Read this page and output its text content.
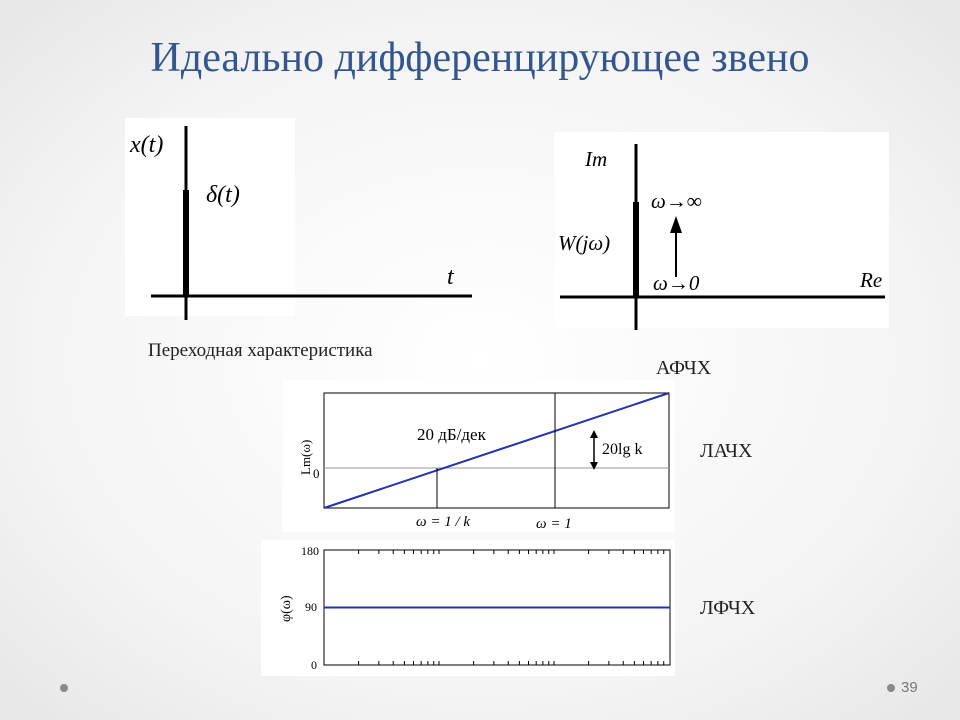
Идеально дифференцирующее звено
x(t)
δ(t)
t
Переходная характеристика
Im
ω→∞
W(jω)
ω→0	Re
АФЧХ
0
Lm(ω)
20 дБ/дек
20lg k
ω = 1 / k	ω = 1
ЛАЧХ
180
90
0
φ(ω)	ЛФЧХ
39
